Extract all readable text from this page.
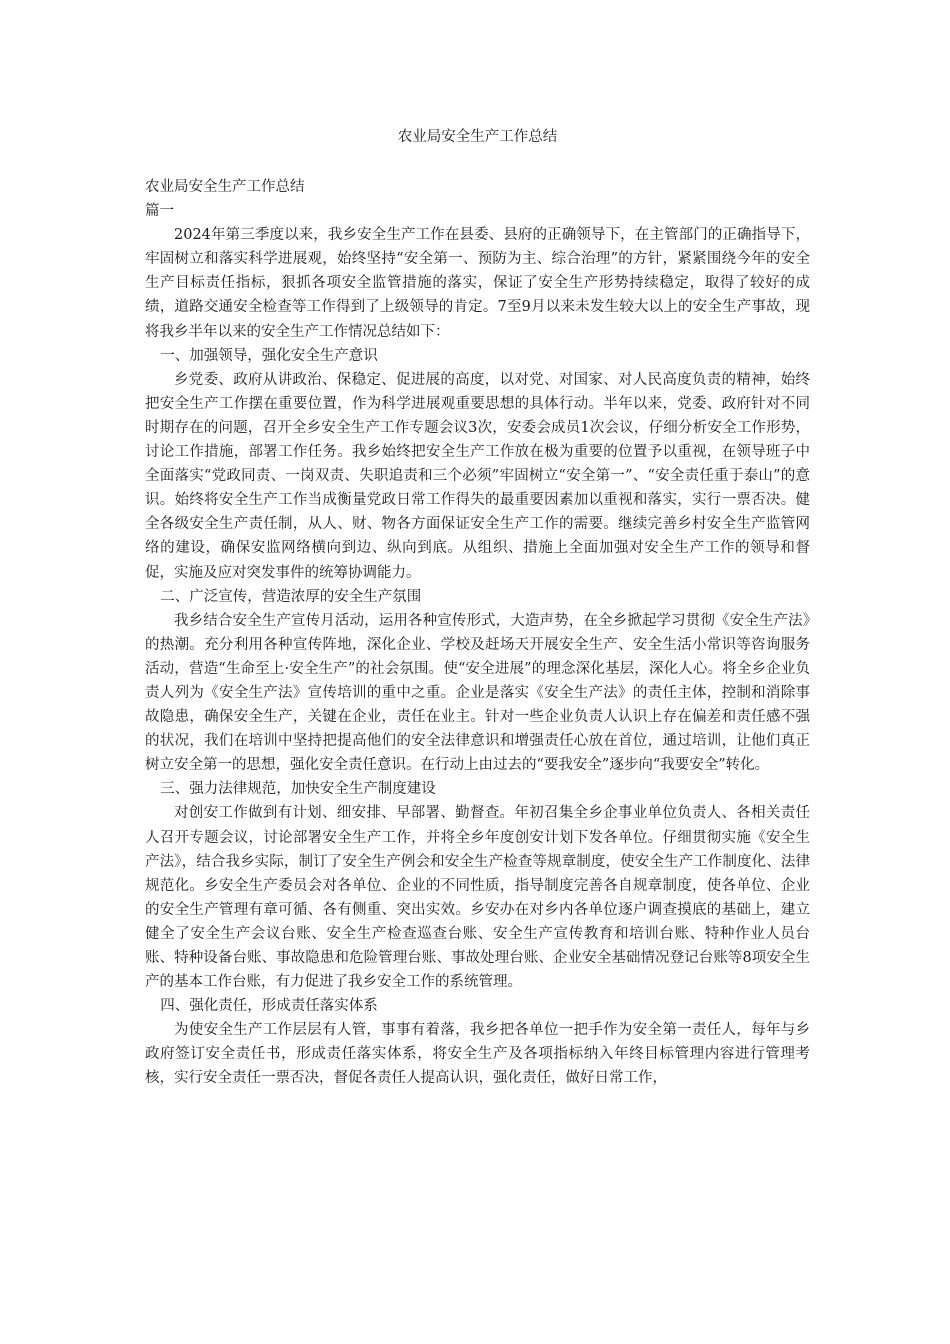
农业局安全生产工作总结

农业局安全生产工作总结

篇一

2024年第三季度以来，我乡安全生产工作在县委、县府的正确领导下，在主管部门的正确指导下，牢固树立和落实科学进展观，始终坚持“安全第一、预防为主、综合治理”的方针，紧紧围绕今年的安全生产目标责任指标，狠抓各项安全监管措施的落实，保证了安全生产形势持续稳定，取得了较好的成绩，道路交通安全检查等工作得到了上级领导的肯定。7至9月以来未发生较大以上的安全生产事故，现将我乡半年以来的安全生产工作情况总结如下：

一、加强领导，强化安全生产意识

乡党委、政府从讲政治、保稳定、促进展的高度，以对党、对国家、对人民高度负责的精神，始终把安全生产工作摆在重要位置，作为科学进展观重要思想的具体行动。半年以来，党委、政府针对不同时期存在的问题，召开全乡安全生产工作专题会议3次，安委会成员1次会议，仔细分析安全工作形势，讨论工作措施，部署工作任务。我乡始终把安全生产工作放在极为重要的位置予以重视，在领导班子中全面落实“党政同责、一岗双责、失职追责和三个必须”牢固树立“安全第一”、“安全责任重于泰山”的意识。始终将安全生产工作当成衡量党政日常工作得失的最重要因素加以重视和落实，实行一票否决。健全各级安全生产责任制，从人、财、物各方面保证安全生产工作的需要。继续完善乡村安全生产监管网络的建设，确保安监网络横向到边、纵向到底。从组织、措施上全面加强对安全生产工作的领导和督促，实施及应对突发事件的统筹协调能力。

二、广泛宣传，营造浓厚的安全生产氛围

我乡结合安全生产宣传月活动，运用各种宣传形式，大造声势，在全乡掀起学习贯彻《安全生产法》的热潮。充分利用各种宣传阵地，深化企业、学校及赶场天开展安全生产、安全生活小常识等咨询服务活动，营造“生命至上·安全生产”的社会氛围。使“安全进展”的理念深化基层，深化人心。将全乡企业负责人列为《安全生产法》宣传培训的重中之重。企业是落实《安全生产法》的责任主体，控制和消除事故隐患，确保安全生产，关键在企业，责任在业主。针对一些企业负责人认识上存在偏差和责任感不强的状况，我们在培训中坚持把提高他们的安全法律意识和增强责任心放在首位，通过培训，让他们真正树立安全第一的思想，强化安全责任意识。在行动上由过去的“要我安全”逐步向“我要安全”转化。

三、强力法律规范，加快安全生产制度建设

对创安工作做到有计划、细安排、早部署、勤督查。年初召集全乡企事业单位负责人、各相关责任人召开专题会议，讨论部署安全生产工作，并将全乡年度创安计划下发各单位。仔细贯彻实施《安全生产法》，结合我乡实际，制订了安全生产例会和安全生产检查等规章制度，使安全生产工作制度化、法律规范化。乡安全生产委员会对各单位、企业的不同性质，指导制度完善各自规章制度，使各单位、企业的安全生产管理有章可循、各有侧重、突出实效。乡安办在对乡内各单位逐户调查摸底的基础上，建立健全了安全生产会议台账、安全生产检查巡查台账、安全生产宣传教育和培训台账、特种作业人员台账、特种设备台账、事故隐患和危险管理台账、事故处理台账、企业安全基础情况登记台账等8项安全生产的基本工作台账，有力促进了我乡安全工作的系统管理。

四、强化责任，形成责任落实体系

为使安全生产工作层层有人管，事事有着落，我乡把各单位一把手作为安全第一责任人，每年与乡政府签订安全责任书，形成责任落实体系，将安全生产及各项指标纳入年终目标管理内容进行管理考核，实行安全责任一票否决，督促各责任人提高认识，强化责任，做好日常工作，
